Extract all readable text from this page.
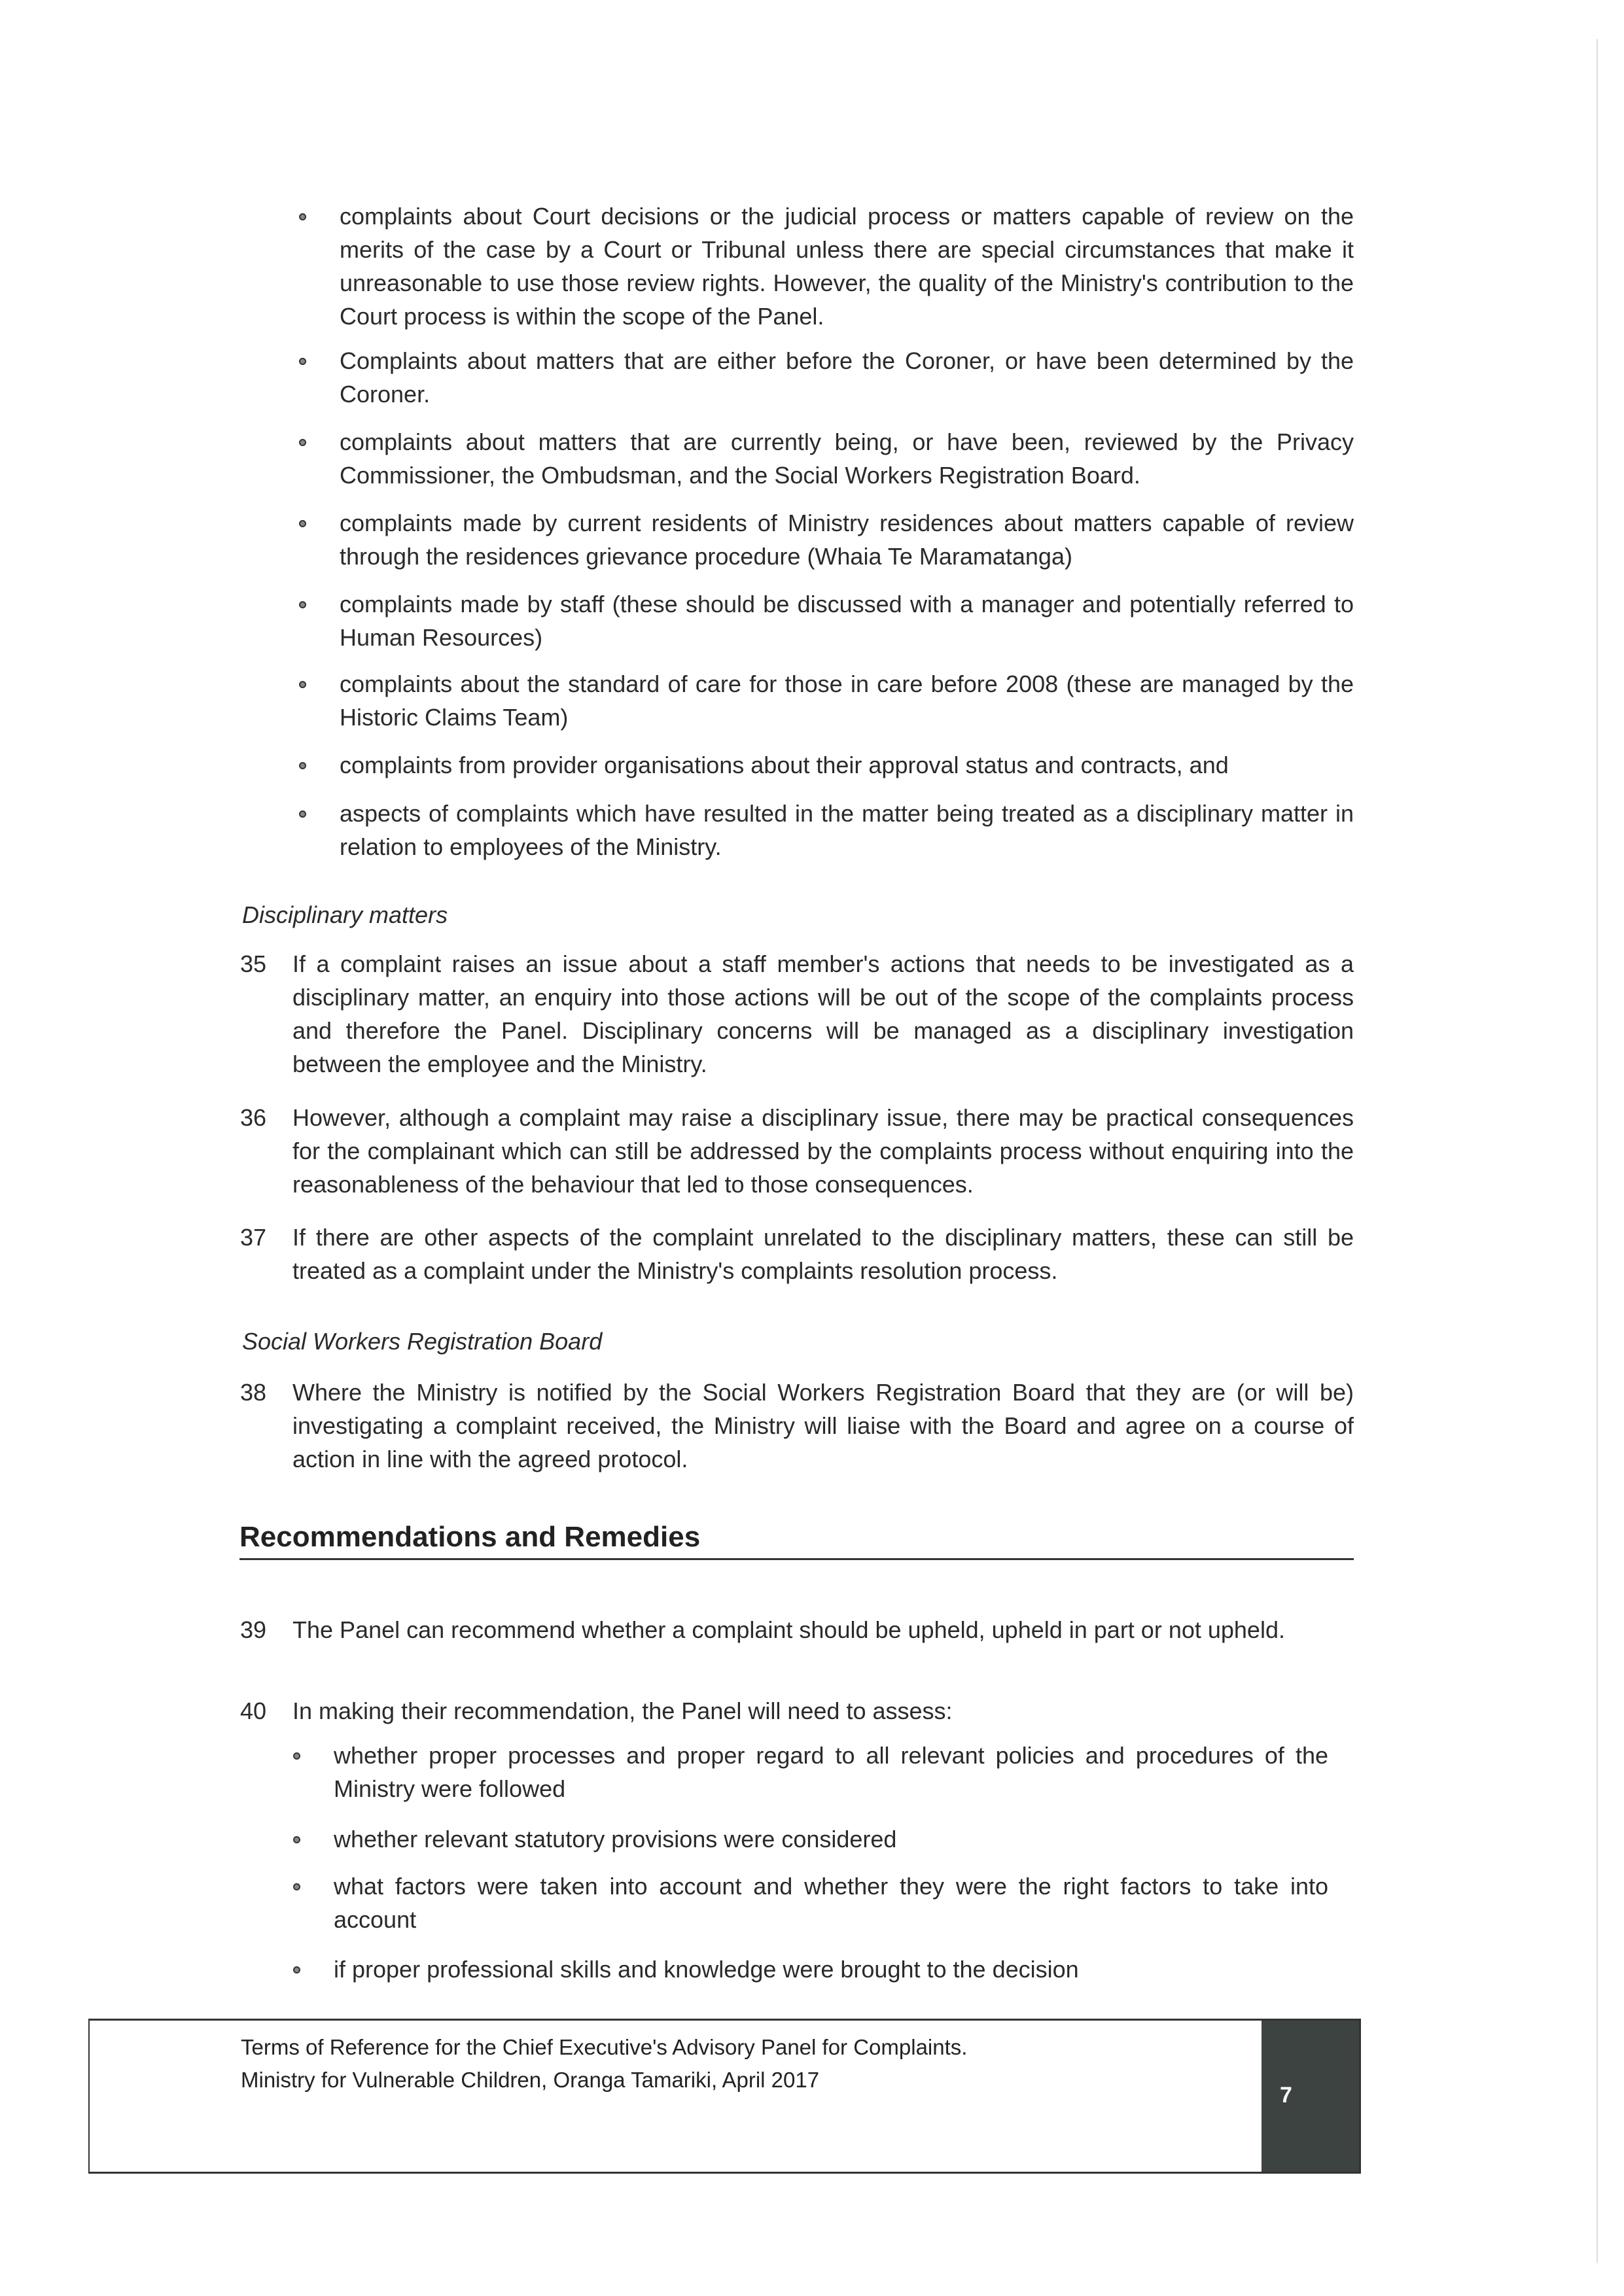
complaints about Court decisions or the judicial process or matters capable of review on the merits of the case by a Court or Tribunal unless there are special circumstances that make it unreasonable to use those review rights. However, the quality of the Ministry's contribution to the Court process is within the scope of the Panel.
Complaints about matters that are either before the Coroner, or have been determined by the Coroner.
complaints about matters that are currently being, or have been, reviewed by the Privacy Commissioner, the Ombudsman, and the Social Workers Registration Board.
complaints made by current residents of Ministry residences about matters capable of review through the residences grievance procedure (Whaia Te Maramatanga)
complaints made by staff (these should be discussed with a manager and potentially referred to Human Resources)
complaints about the standard of care for those in care before 2008 (these are managed by the Historic Claims Team)
complaints from provider organisations about their approval status and contracts, and
aspects of complaints which have resulted in the matter being treated as a disciplinary matter in relation to employees of the Ministry.
Disciplinary matters
35 If a complaint raises an issue about a staff member's actions that needs to be investigated as a disciplinary matter, an enquiry into those actions will be out of the scope of the complaints process and therefore the Panel. Disciplinary concerns will be managed as a disciplinary investigation between the employee and the Ministry.
36 However, although a complaint may raise a disciplinary issue, there may be practical consequences for the complainant which can still be addressed by the complaints process without enquiring into the reasonableness of the behaviour that led to those consequences.
37 If there are other aspects of the complaint unrelated to the disciplinary matters, these can still be treated as a complaint under the Ministry's complaints resolution process.
Social Workers Registration Board
38 Where the Ministry is notified by the Social Workers Registration Board that they are (or will be) investigating a complaint received, the Ministry will liaise with the Board and agree on a course of action in line with the agreed protocol.
39 The Panel can recommend whether a complaint should be upheld, upheld in part or not upheld.
40 In making their recommendation, the Panel will need to assess:
whether proper processes and proper regard to all relevant policies and procedures of the Ministry were followed
whether relevant statutory provisions were considered
what factors were taken into account and whether they were the right factors to take into account
if proper professional skills and knowledge were brought to the decision
Recommendations and Remedies
Terms of Reference for the Chief Executive's Advisory Panel for Complaints.
Ministry for Vulnerable Children, Oranga Tamariki, April 2017
7
